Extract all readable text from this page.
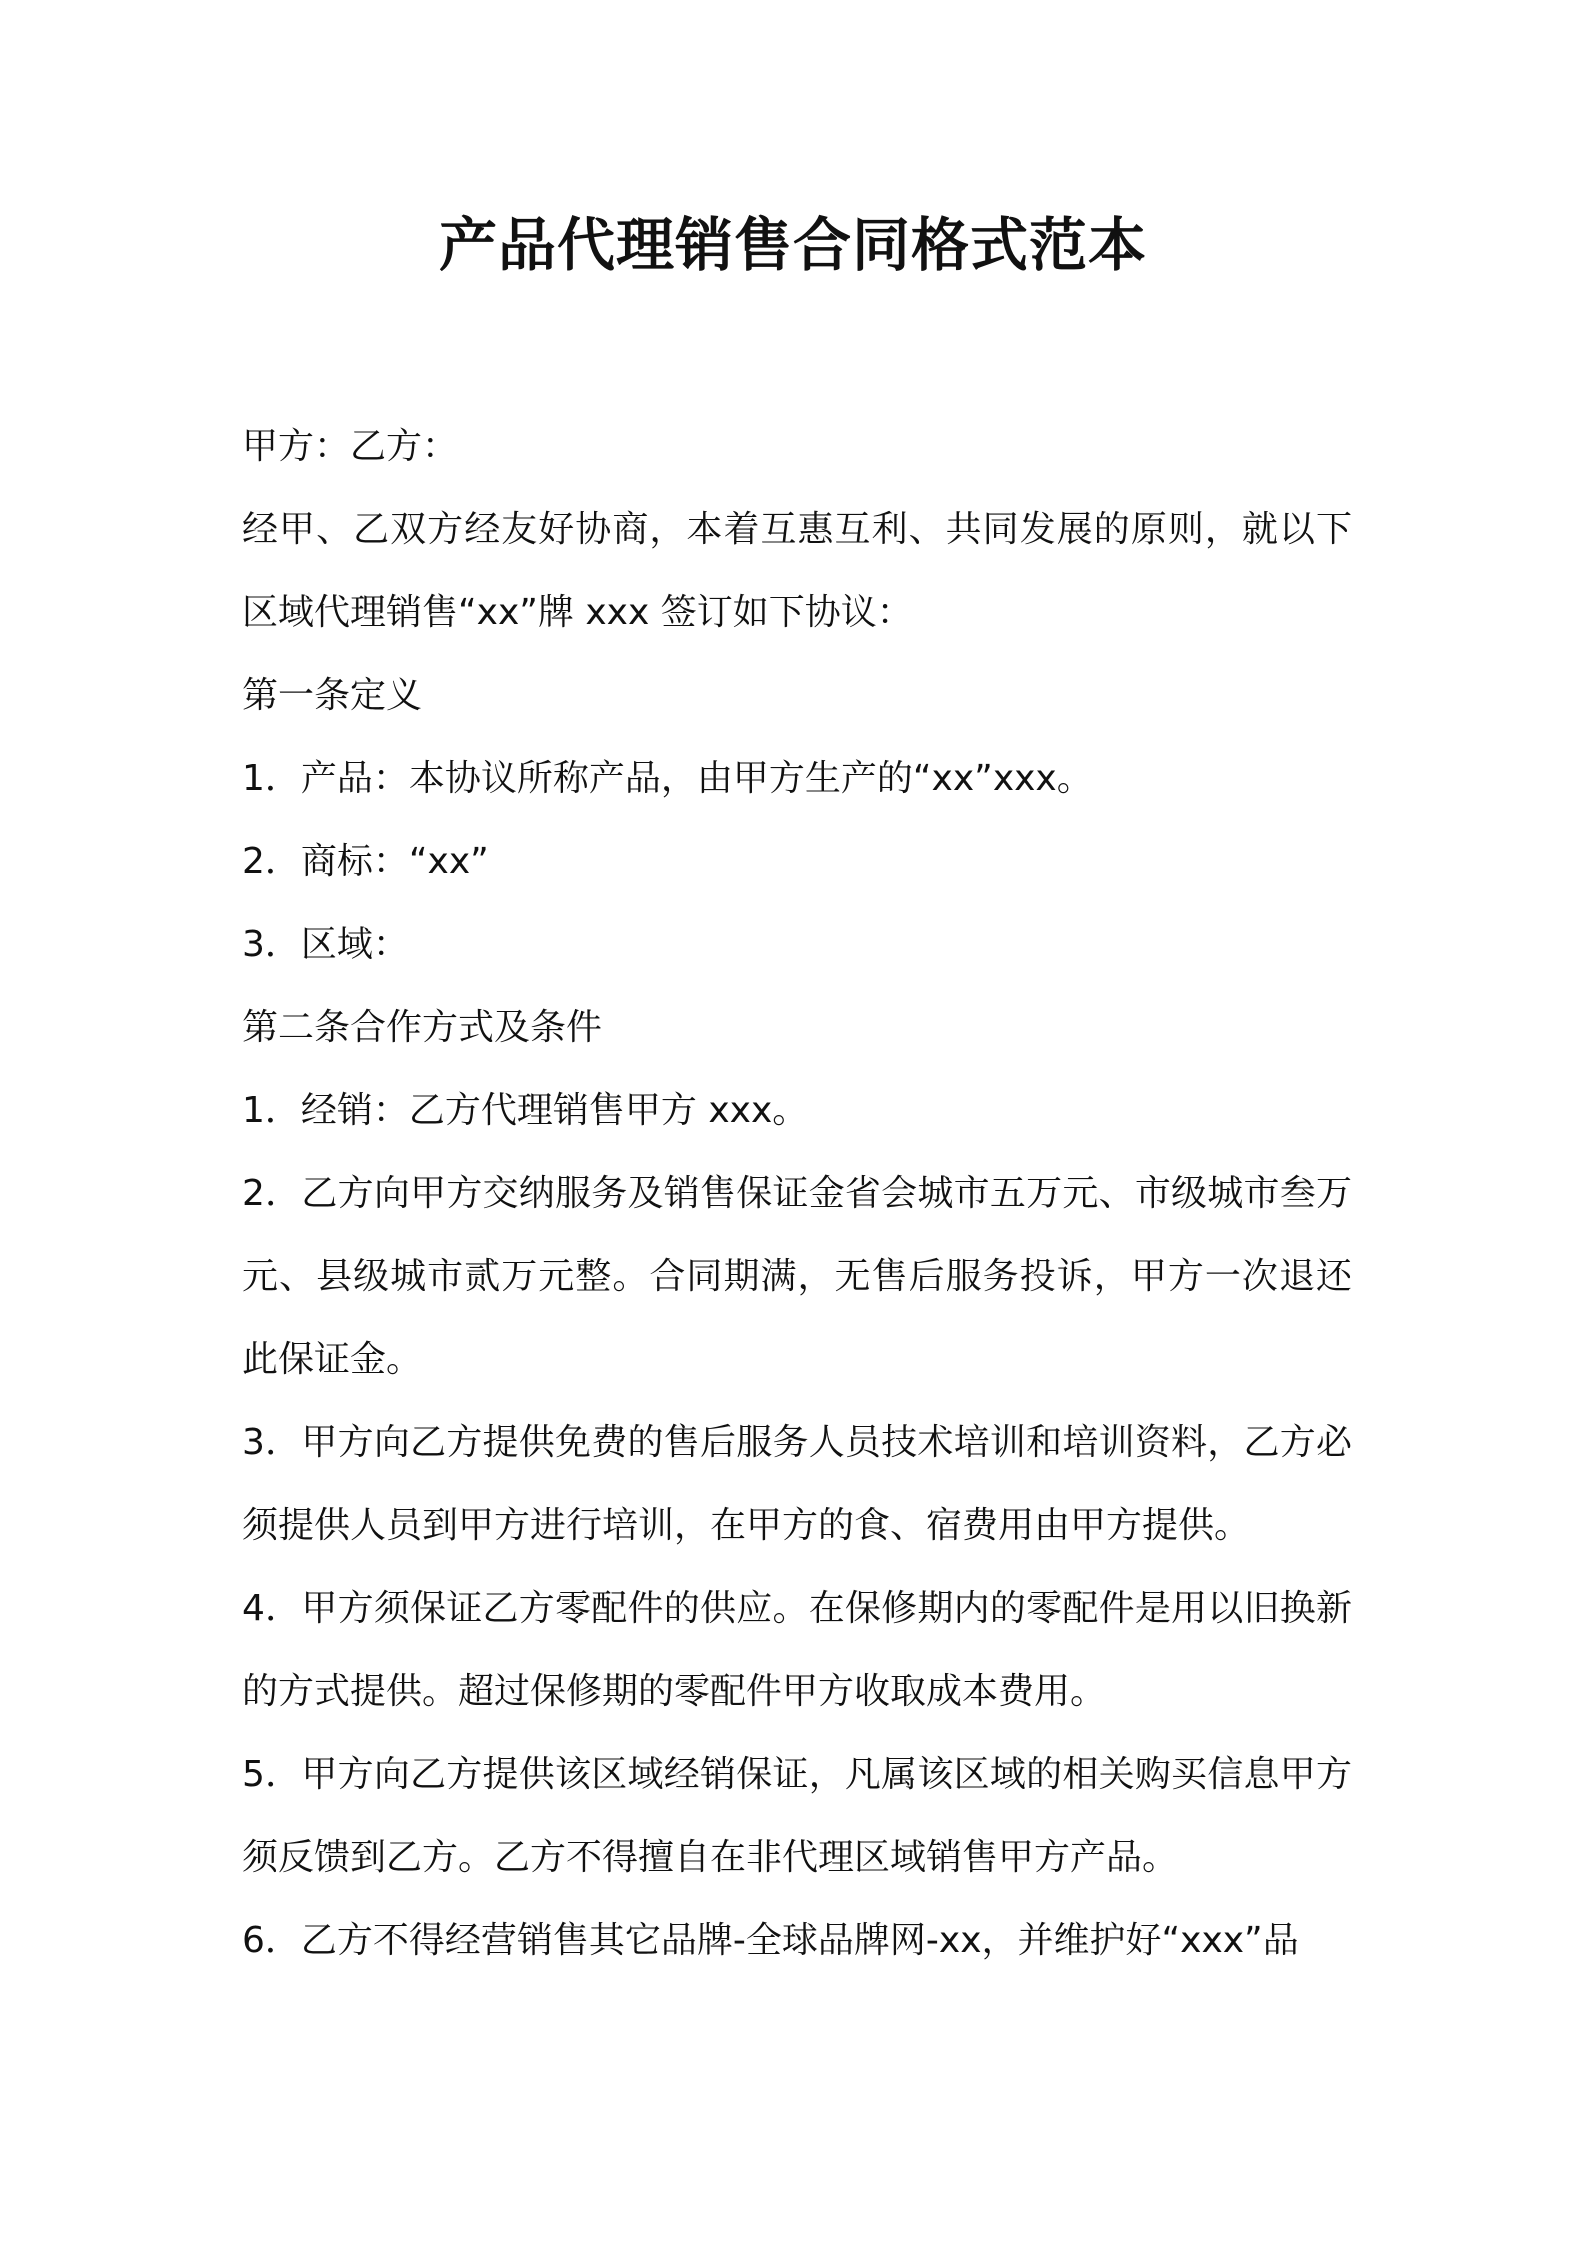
产品代理销售合同格式范本

甲方：乙方：

经甲、乙双方经友好协商，本着互惠互利、共同发展的原则，就以下区域代理销售“xx”牌 xxx 签订如下协议：

第一条定义

1．产品：本协议所称产品，由甲方生产的“xx”xxx。

2．商标：“xx”

3．区域：

第二条合作方式及条件

1．经销：乙方代理销售甲方 xxx。

2．乙方向甲方交纳服务及销售保证金省会城市五万元、市级城市叁万元、县级城市贰万元整。合同期满，无售后服务投诉，甲方一次退还此保证金。

3．甲方向乙方提供免费的售后服务人员技术培训和培训资料，乙方必须提供人员到甲方进行培训，在甲方的食、宿费用由甲方提供。

4．甲方须保证乙方零配件的供应。在保修期内的零配件是用以旧换新的方式提供。超过保修期的零配件甲方收取成本费用。

5．甲方向乙方提供该区域经销保证，凡属该区域的相关购买信息甲方须反馈到乙方。乙方不得擅自在非代理区域销售甲方产品。

6．乙方不得经营销售其它品牌-全球品牌网-xx，并维护好“xxx”品
